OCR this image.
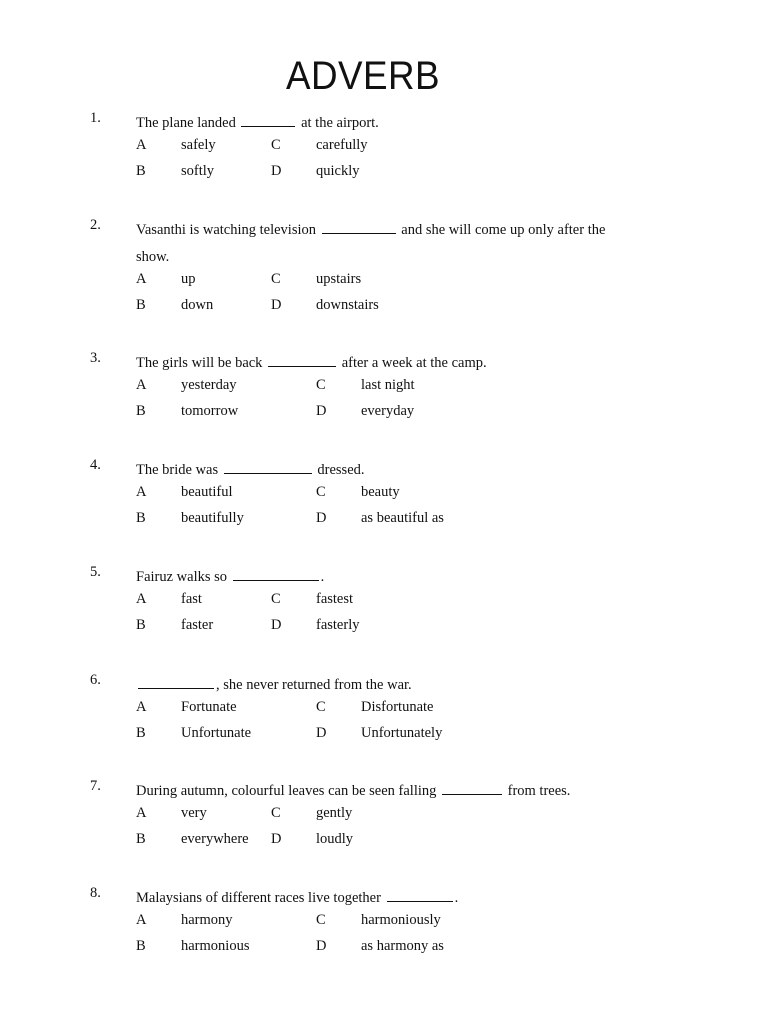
ADVERB
1. The plane landed	at the airport.
A safely
B softly
C carefully
D quickly
2. Vasanthi is watching television	and she will come up only after the show.
A up
B down
C upstairs
D downstairs
3. The girls will be back	after a week at the camp.
A yesterday
B tomorrow
C last night
D everyday
4. The bride was	dressed.
A beautiful
B beautifully
C beauty
D as beautiful as
5. Fairuz walks so	.
A fast
B faster
C fastest
D fasterly
6.	, she never returned from the war.
A Fortunate
B Unfortunate
C Disfortunate
D Unfortunately
7. During autumn, colourful leaves can be seen falling	from trees.
A very
B everywhere
C gently
D loudly
8. Malaysians of different races live together	.
A harmony
B harmonious
C harmoniously
D as harmony as
